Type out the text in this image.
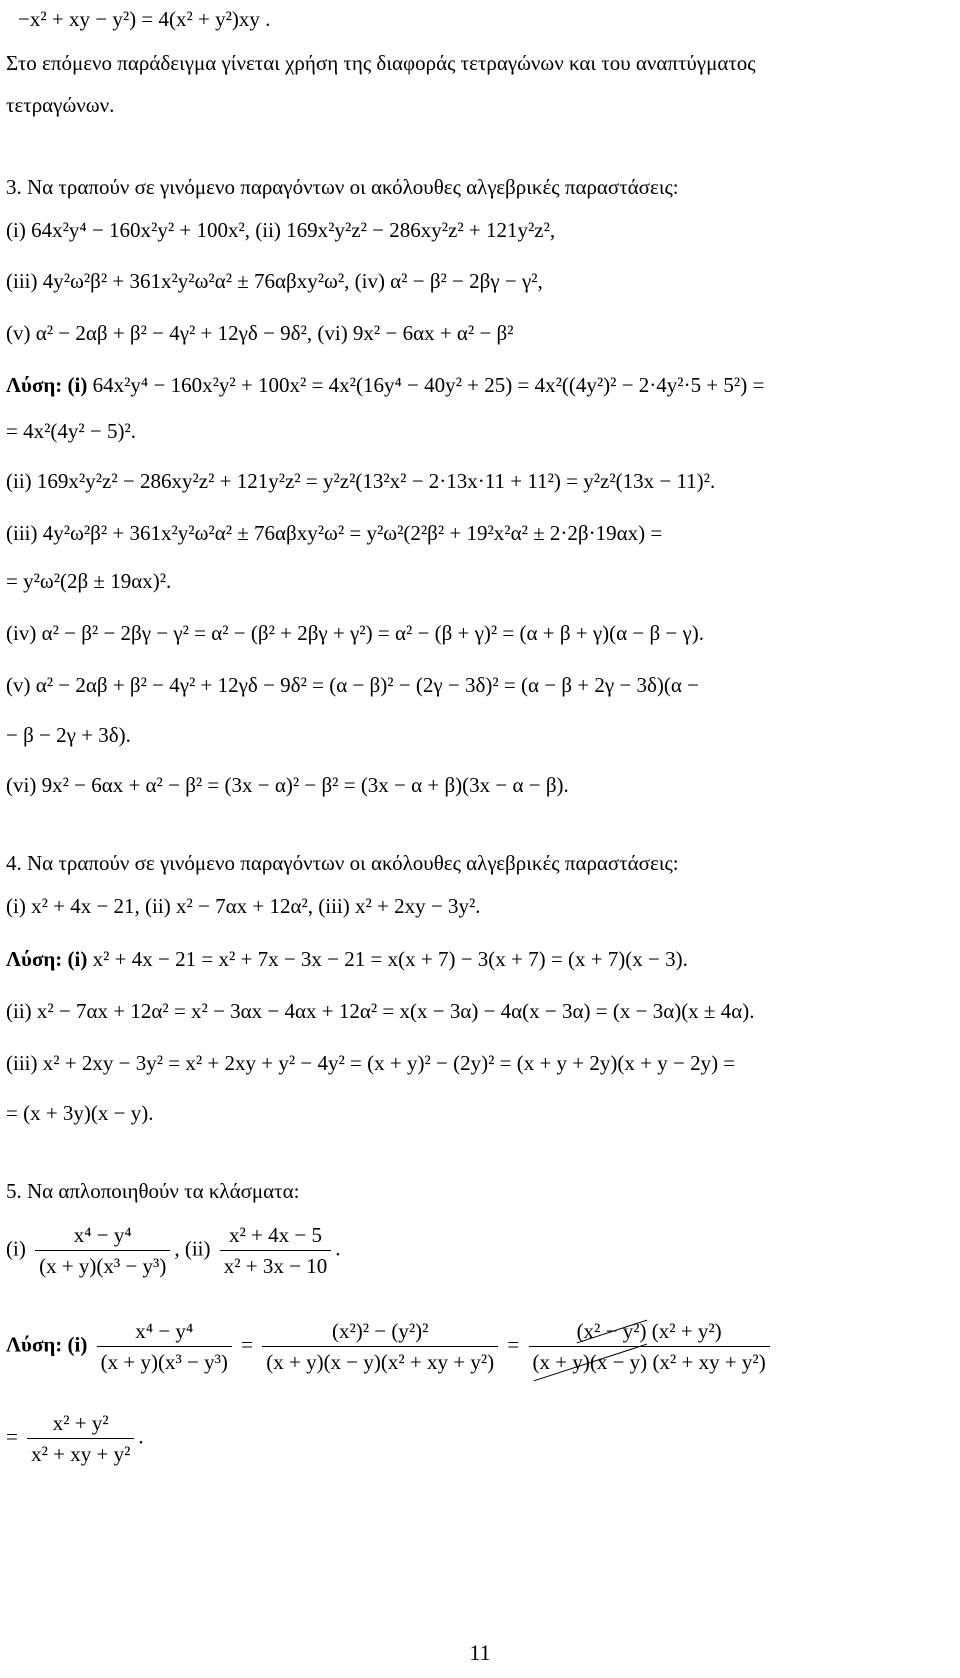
−x² + xy − y²) = 4(x² + y²)xy .
Στο επόμενο παράδειγμα γίνεται χρήση της διαφοράς τετραγώνων και του αναπτύγματος
τετραγώνων.
3. Να τραπούν σε γινόμενο παραγόντων οι ακόλουθες αλγεβρικές παραστάσεις:
(i) 64x²y⁴ − 160x²y² + 100x², (ii) 169x²y²z² − 286xy²z² + 121y²z²,
(iii) 4y²ω²β² + 361x²y²ω²α² ± 76αβxy²ω², (iv) α² − β² − 2βγ − γ²,
(v) α² − 2αβ + β² − 4γ² + 12γδ − 9δ², (vi) 9x² − 6αx + α² − β²
Λύση: (i) 64x²y⁴ − 160x²y² + 100x² = 4x²(16y⁴ − 40y² + 25) = 4x²((4y²)² − 2·4y²·5 + 5²) =
= 4x²(4y² − 5)².
(ii) 169x²y²z² − 286xy²z² + 121y²z² = y²z²(13²x² − 2·13x·11 + 11²) = y²z²(13x − 11)².
(iii) 4y²ω²β² + 361x²y²ω²α² ± 76αβxy²ω² = y²ω²(2²β² + 19²x²α² ± 2·2β·19αx) =
= y²ω²(2β ± 19αx)².
(iv) α² − β² − 2βγ − γ² = α² − (β² + 2βγ + γ²) = α² − (β + γ)² = (α + β + γ)(α − β − γ).
(v) α² − 2αβ + β² − 4γ² + 12γδ − 9δ² = (α − β)² − (2γ − 3δ)² = (α − β + 2γ − 3δ)(α −
− β − 2γ + 3δ).
(vi) 9x² − 6αx + α² − β² = (3x − α)² − β² = (3x − α + β)(3x − α − β).
4. Να τραπούν σε γινόμενο παραγόντων οι ακόλουθες αλγεβρικές παραστάσεις:
(i) x² + 4x − 21, (ii) x² − 7αx + 12α², (iii) x² + 2xy − 3y².
Λύση: (i) x² + 4x − 21 = x² + 7x − 3x − 21 = x(x + 7) − 3(x + 7) = (x + 7)(x − 3).
(ii) x² − 7αx + 12α² = x² − 3αx − 4αx + 12α² = x(x − 3α) − 4α(x − 3α) = (x − 3α)(x ± 4α).
(iii) x² + 2xy − 3y² = x² + 2xy + y² − 4y² = (x + y)² − (2y)² = (x + y + 2y)(x + y − 2y) =
= (x + 3y)(x − y).
5. Να απλοποιηθούν τα κλάσματα:
$(i) \frac{\text{x⁴ − y⁴}}{\text{(x + y)(x³ − y³)}}$ , $(ii) \frac{\text{x² + 4x − 5}}{\text{x² + 3x − 10}}$ .
Λύση: $(i) \frac{\text{x⁴ − y⁴}}{\text{(x + y)(x³ − y³)}} = \frac{\text{(x²)² − (y²)²}}{\text{(x + y)(x − y)(x² + xy + y²)}} = \frac{\text{(x² − y²) (x² + y²)}}{\text{(x + y)(x − y) (x² + xy + y²)}}$
= $\frac{\text{x² + y²}}{\text{x² + xy + y²}}$ .
11
